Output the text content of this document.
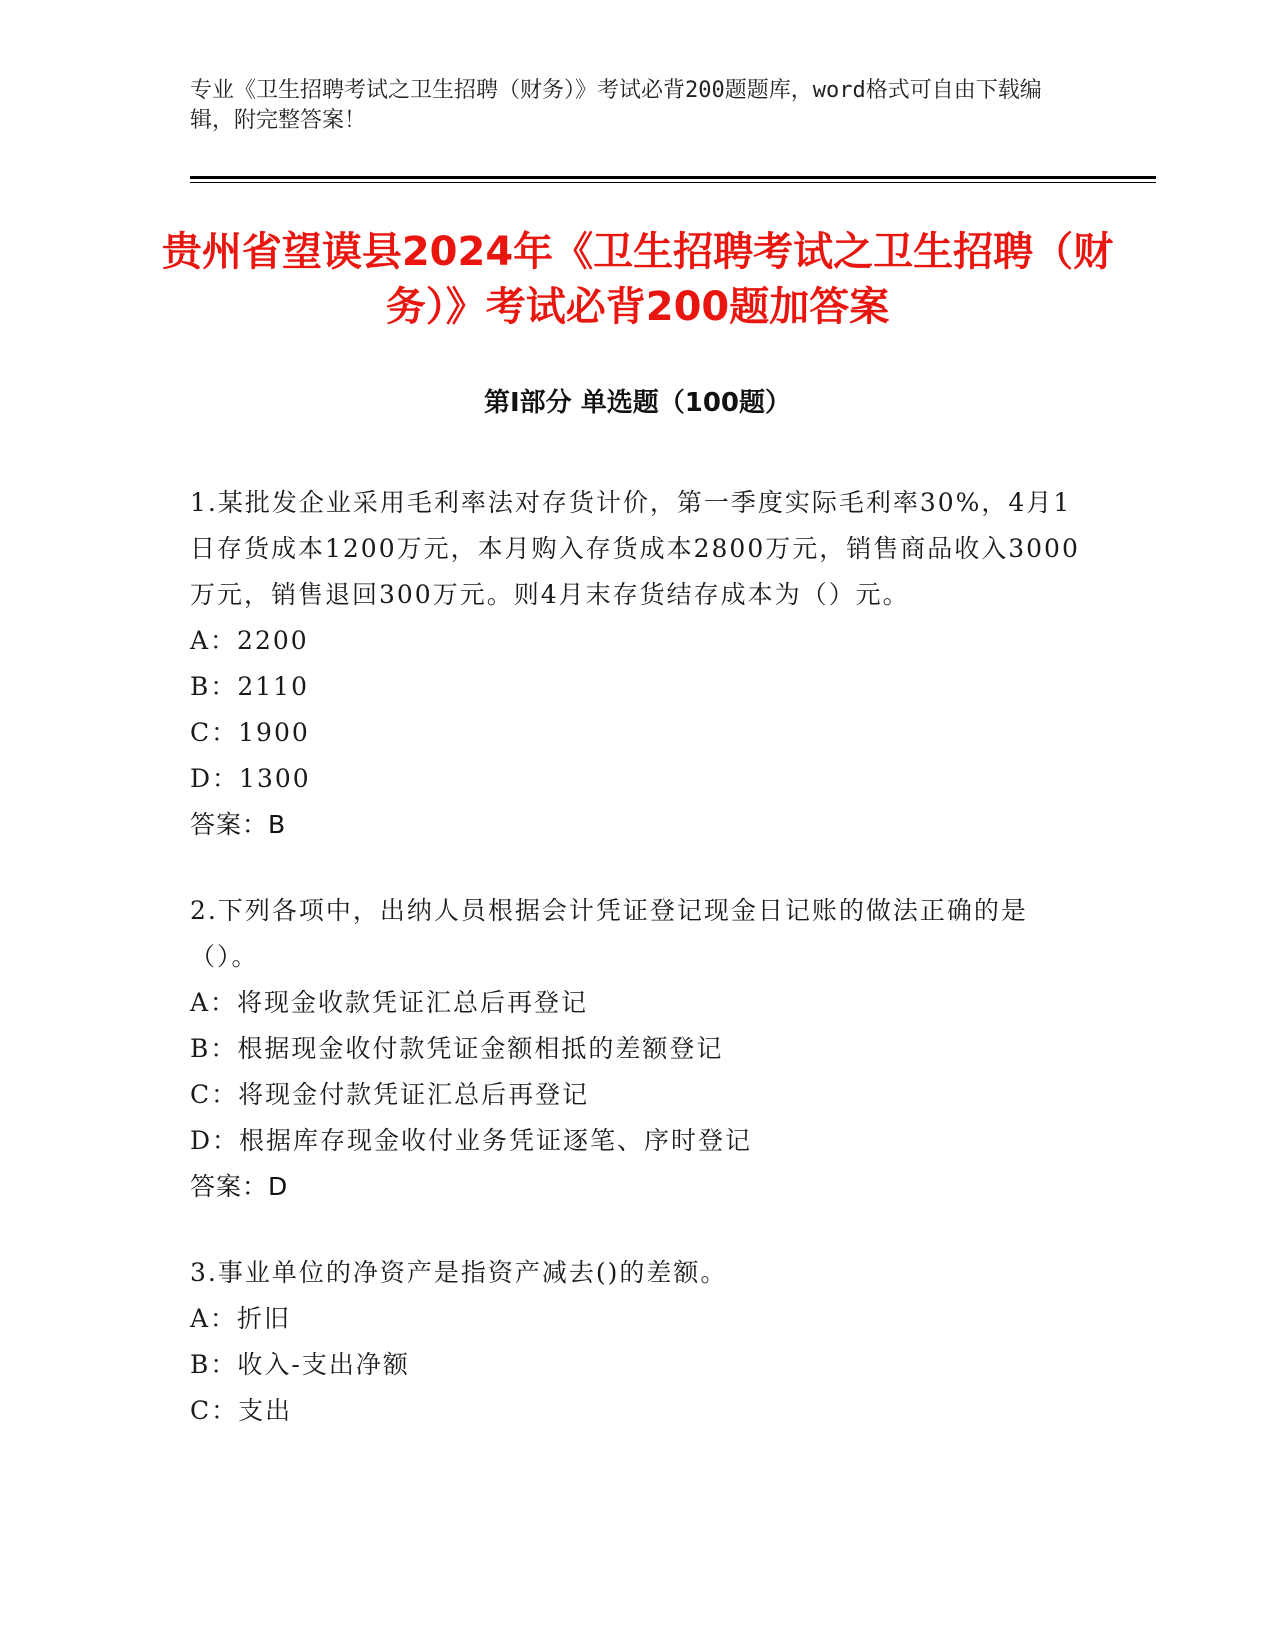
专业《卫生招聘考试之卫生招聘（财务）》考试必背200题题库，word格式可自由下载编辑，附完整答案！
贵州省望谟县2024年《卫生招聘考试之卫生招聘（财务）》考试必背200题加答案
第I部分 单选题（100题）
1.某批发企业采用毛利率法对存货计价，第一季度实际毛利率30%，4月1日存货成本1200万元，本月购入存货成本2800万元，销售商品收入3000万元，销售退回300万元。则4月末存货结存成本为（）元。
A：2200
B：2110
C：1900
D：1300
答案：B
2.下列各项中，出纳人员根据会计凭证登记现金日记账的做法正确的是（）。
A：将现金收款凭证汇总后再登记
B：根据现金收付款凭证金额相抵的差额登记
C：将现金付款凭证汇总后再登记
D：根据库存现金收付业务凭证逐笔、序时登记
答案：D
3.事业单位的净资产是指资产减去()的差额。
A：折旧
B：收入-支出净额
C：支出
